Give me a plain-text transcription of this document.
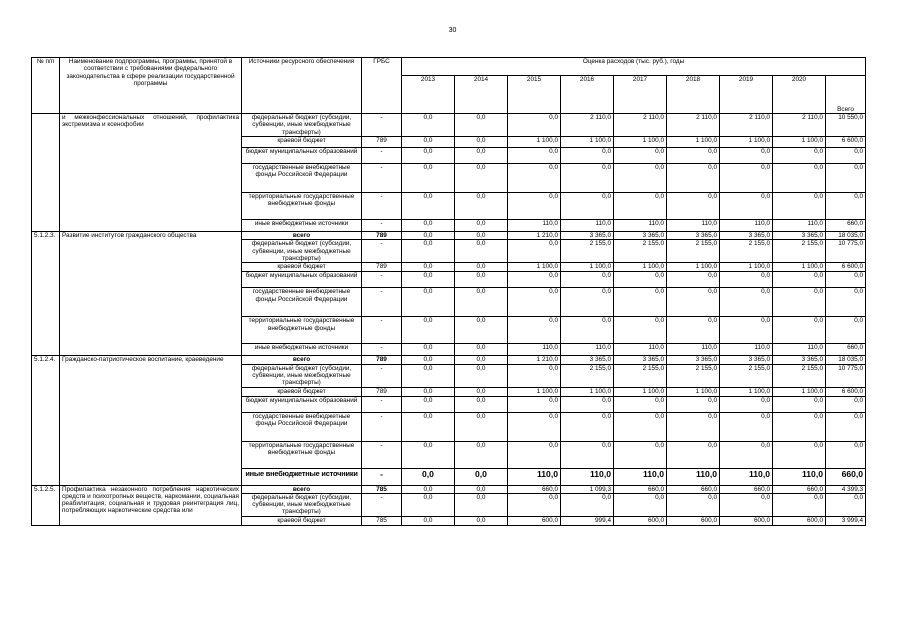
30
№ п/п	Наименование подпрограммы, программы, принятой в соответствии с требованиями федерального законодательства в сфере реализации государственной программы	Источники ресурсного обеспечения	ГРБС	Оценка расходов (тыс. руб.), годы								
				2013	2014	2015	2016	2017	2018	2019	2020	Всего
	и межконфессиональных отношений, профилактика экстремизма и ксенофобии	федеральный бюджет (субсидии, субвенции, иные межбюджетные трансферты)	-	0,0	0,0	0,0	2 110,0	2 110,0	2 110,0	2 110,0	2 110,0	10 550,0
		краевой бюджет	789	0,0	0,0	1 100,0	1 100,0	1 100,0	1 100,0	1 100,0	1 100,0	6 600,0
		бюджет муниципальных образований	-	0,0	0,0	0,0	0,0	0,0	0,0	0,0	0,0	0,0
		государственные внебюджетные фонды Российской Федерации	-	0,0	0,0	0,0	0,0	0,0	0,0	0,0	0,0	0,0
		территориальные государственные внебюджетные фонды	-	0,0	0,0	0,0	0,0	0,0	0,0	0,0	0,0	0,0
		иные внебюджетные источники	-	0,0	0,0	110,0	110,0	110,0	110,0	110,0	110,0	660,0
5.1.2.3.	Развитие институтов гражданского общества	всего	789	0,0	0,0	1 210,0	3 365,0	3 365,0	3 365,0	3 365,0	3 365,0	18 035,0
		федеральный бюджет (субсидии, субвенции, иные межбюджетные трансферты)	-	0,0	0,0	0,0	2 155,0	2 155,0	2 155,0	2 155,0	2 155,0	10 775,0
		краевой бюджет	789	0,0	0,0	1 100,0	1 100,0	1 100,0	1 100,0	1 100,0	1 100,0	6 600,0
		бюджет муниципальных образований	-	0,0	0,0	0,0	0,0	0,0	0,0	0,0	0,0	0,0
		государственные внебюджетные фонды Российской Федерации	-	0,0	0,0	0,0	0,0	0,0	0,0	0,0	0,0	0,0
		территориальные государственные внебюджетные фонды	-	0,0	0,0	0,0	0,0	0,0	0,0	0,0	0,0	0,0
		иные внебюджетные источники	-	0,0	0,0	110,0	110,0	110,0	110,0	110,0	110,0	660,0
5.1.2.4.	Гражданско-патриотическое воспитание, краеведение	всего	789	0,0	0,0	1 210,0	3 365,0	3 365,0	3 365,0	3 365,0	3 365,0	18 035,0
		федеральный бюджет (субсидии, субвенции, иные межбюджетные трансферты)	-	0,0	0,0	0,0	2 155,0	2 155,0	2 155,0	2 155,0	2 155,0	10 775,0
		краевой бюджет	789	0,0	0,0	1 100,0	1 100,0	1 100,0	1 100,0	1 100,0	1 100,0	6 600,0
		бюджет муниципальных образований	-	0,0	0,0	0,0	0,0	0,0	0,0	0,0	0,0	0,0
		государственные внебюджетные фонды Российской Федерации	-	0,0	0,0	0,0	0,0	0,0	0,0	0,0	0,0	0,0
		территориальные государственные внебюджетные фонды	-	0,0	0,0	0,0	0,0	0,0	0,0	0,0	0,0	0,0
		иные внебюджетные источники	-	0,0	0,0	110,0	110,0	110,0	110,0	110,0	110,0	660,0
5.1.2.5.	Профилактика незаконного потребления наркотических средств и психотропных веществ, наркомании, социальная реабилитация, социальная и трудовая реинтеграция лиц, потребляющих наркотические средства или	всего	785	0,0	0,0	660,0	1 099,3	660,0	660,0	660,0	660,0	4 399,3
		федеральный бюджет (субсидии, субвенции, иные межбюджетные трансферты)	-	0,0	0,0	0,0	0,0	0,0	0,0	0,0	0,0	0,0
		краевой бюджет	785	0,0	0,0	600,0	999,4	600,0	600,0	600,0	600,0	3 999,4
